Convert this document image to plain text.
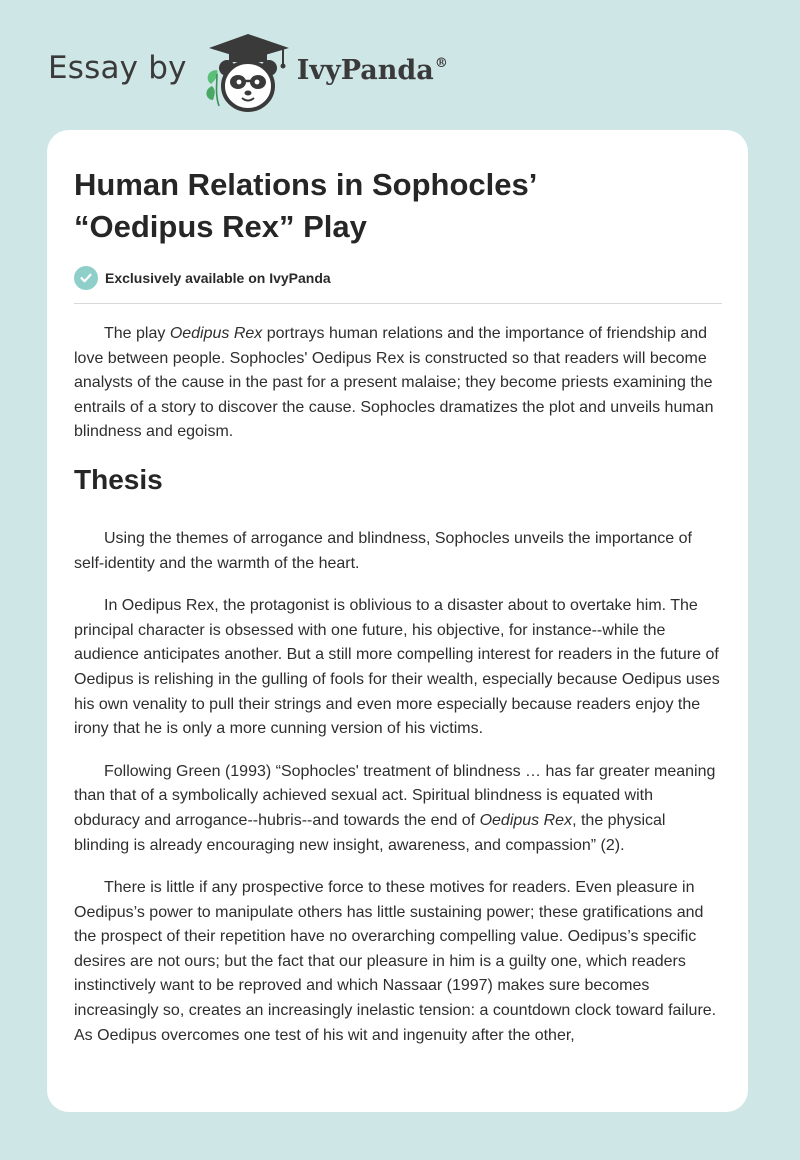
Essay by	IvyPanda®
Human Relations in Sophocles’ “Oedipus Rex” Play
Exclusively available on IvyPanda

The play Oedipus Rex portrays human relations and the importance of friendship and love between people. Sophocles' Oedipus Rex is constructed so that readers will become analysts of the cause in the past for a present malaise; they become priests examining the entrails of a story to discover the cause. Sophocles dramatizes the plot and unveils human blindness and egoism.

Thesis

Using the themes of arrogance and blindness, Sophocles unveils the importance of self-identity and the warmth of the heart.

In Oedipus Rex, the protagonist is oblivious to a disaster about to overtake him. The principal character is obsessed with one future, his objective, for instance--while the audience anticipates another. But a still more compelling interest for readers in the future of Oedipus is relishing in the gulling of fools for their wealth, especially because Oedipus uses his own venality to pull their strings and even more especially because readers enjoy the irony that he is only a more cunning version of his victims.

Following Green (1993) “Sophocles' treatment of blindness … has far greater meaning than that of a symbolically achieved sexual act. Spiritual blindness is equated with obduracy and arrogance--hubris--and towards the end of Oedipus Rex, the physical blinding is already encouraging new insight, awareness, and compassion” (2).

There is little if any prospective force to these motives for readers. Even pleasure in Oedipus’s power to manipulate others has little sustaining power; these gratifications and the prospect of their repetition have no overarching compelling value. Oedipus’s specific desires are not ours; but the fact that our pleasure in him is a guilty one, which readers instinctively want to be reproved and which Nassaar (1997) makes sure becomes increasingly so, creates an increasingly inelastic tension: a countdown clock toward failure. As Oedipus overcomes one test of his wit and ingenuity after the other,
